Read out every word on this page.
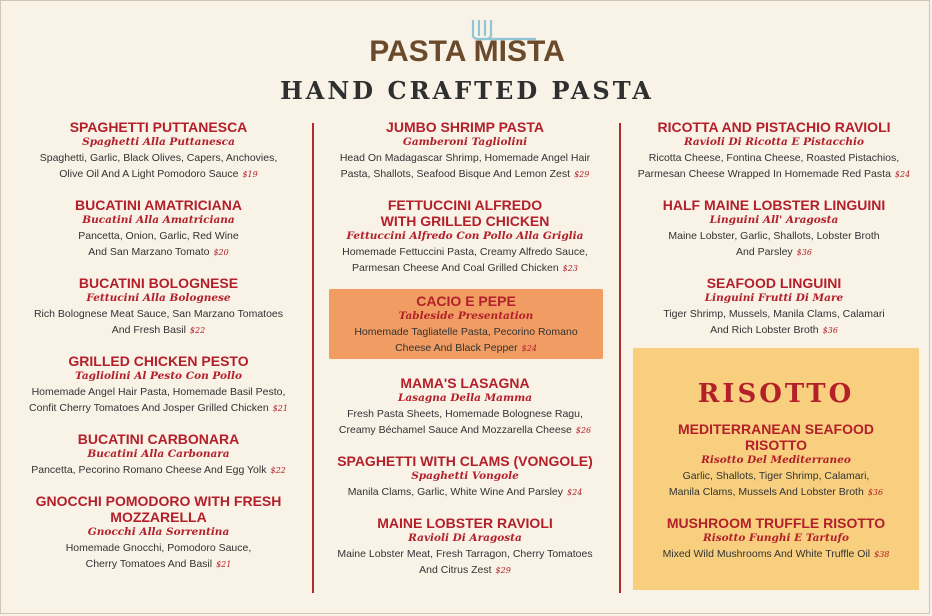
PASTA MISTA
HAND CRAFTED PASTA
SPAGHETTI PUTTANESCA
Spaghetti Alla Puttanesca
Spaghetti, Garlic, Black Olives, Capers, Anchovies,
Olive Oil And A Light Pomodoro Sauce $19
BUCATINI AMATRICIANA
Bucatini Alla Amatriciana
Pancetta, Onion, Garlic, Red Wine
And San Marzano Tomato $20
BUCATINI BOLOGNESE
Fettucini Alla Bolognese
Rich Bolognese Meat Sauce, San Marzano Tomatoes
And Fresh Basil $22
GRILLED CHICKEN PESTO
Tagliolini Al Pesto Con Pollo
Homemade Angel Hair Pasta, Homemade Basil Pesto,
Confit Cherry Tomatoes And Josper Grilled Chicken $21
BUCATINI CARBONARA
Bucatini Alla Carbonara
Pancetta, Pecorino Romano Cheese And Egg Yolk $22
GNOCCHI POMODORO WITH FRESH
MOZZARELLA
Gnocchi Alla Sorrentina
Homemade Gnocchi, Pomodoro Sauce,
Cherry Tomatoes And Basil $21
JUMBO SHRIMP PASTA
Gamberoni Tagliolini
Head On Madagascar Shrimp, Homemade Angel Hair
Pasta, Shallots, Seafood Bisque And Lemon Zest $29
FETTUCCINI ALFREDO
WITH GRILLED CHICKEN
Fettuccini Alfredo Con Pollo Alla Griglia
Homemade Fettuccini Pasta, Creamy Alfredo Sauce,
Parmesan Cheese And Coal Grilled Chicken $23
CACIO E PEPE
Tableside Presentation
Homemade Tagliatelle Pasta, Pecorino Romano
Cheese And Black Pepper $24
MAMA'S LASAGNA
Lasagna Della Mamma
Fresh Pasta Sheets, Homemade Bolognese Ragu,
Creamy Béchamel Sauce And Mozzarella Cheese $26
SPAGHETTI WITH CLAMS (VONGOLE)
Spaghetti Vongole
Manila Clams, Garlic, White Wine And Parsley $24
MAINE LOBSTER RAVIOLI
Ravioli Di Aragosta
Maine Lobster Meat, Fresh Tarragon, Cherry Tomatoes
And Citrus Zest $29
RICOTTA AND PISTACHIO RAVIOLI
Ravioli Di Ricotta E Pistacchio
Ricotta Cheese, Fontina Cheese, Roasted Pistachios,
Parmesan Cheese Wrapped In Homemade Red Pasta $24
HALF MAINE LOBSTER LINGUINI
Linguini All' Aragosta
Maine Lobster, Garlic, Shallots, Lobster Broth
And Parsley $36
SEAFOOD LINGUINI
Linguini Frutti Di Mare
Tiger Shrimp, Mussels, Manila Clams, Calamari
And Rich Lobster Broth $36
RISOTTO
MEDITERRANEAN SEAFOOD
RISOTTO
Risotto Del Mediterraneo
Garlic, Shallots, Tiger Shrimp, Calamari,
Manila Clams, Mussels And Lobster Broth $36
MUSHROOM TRUFFLE RISOTTO
Risotto Funghi E Tartufo
Mixed Wild Mushrooms And White Truffle Oil $38
